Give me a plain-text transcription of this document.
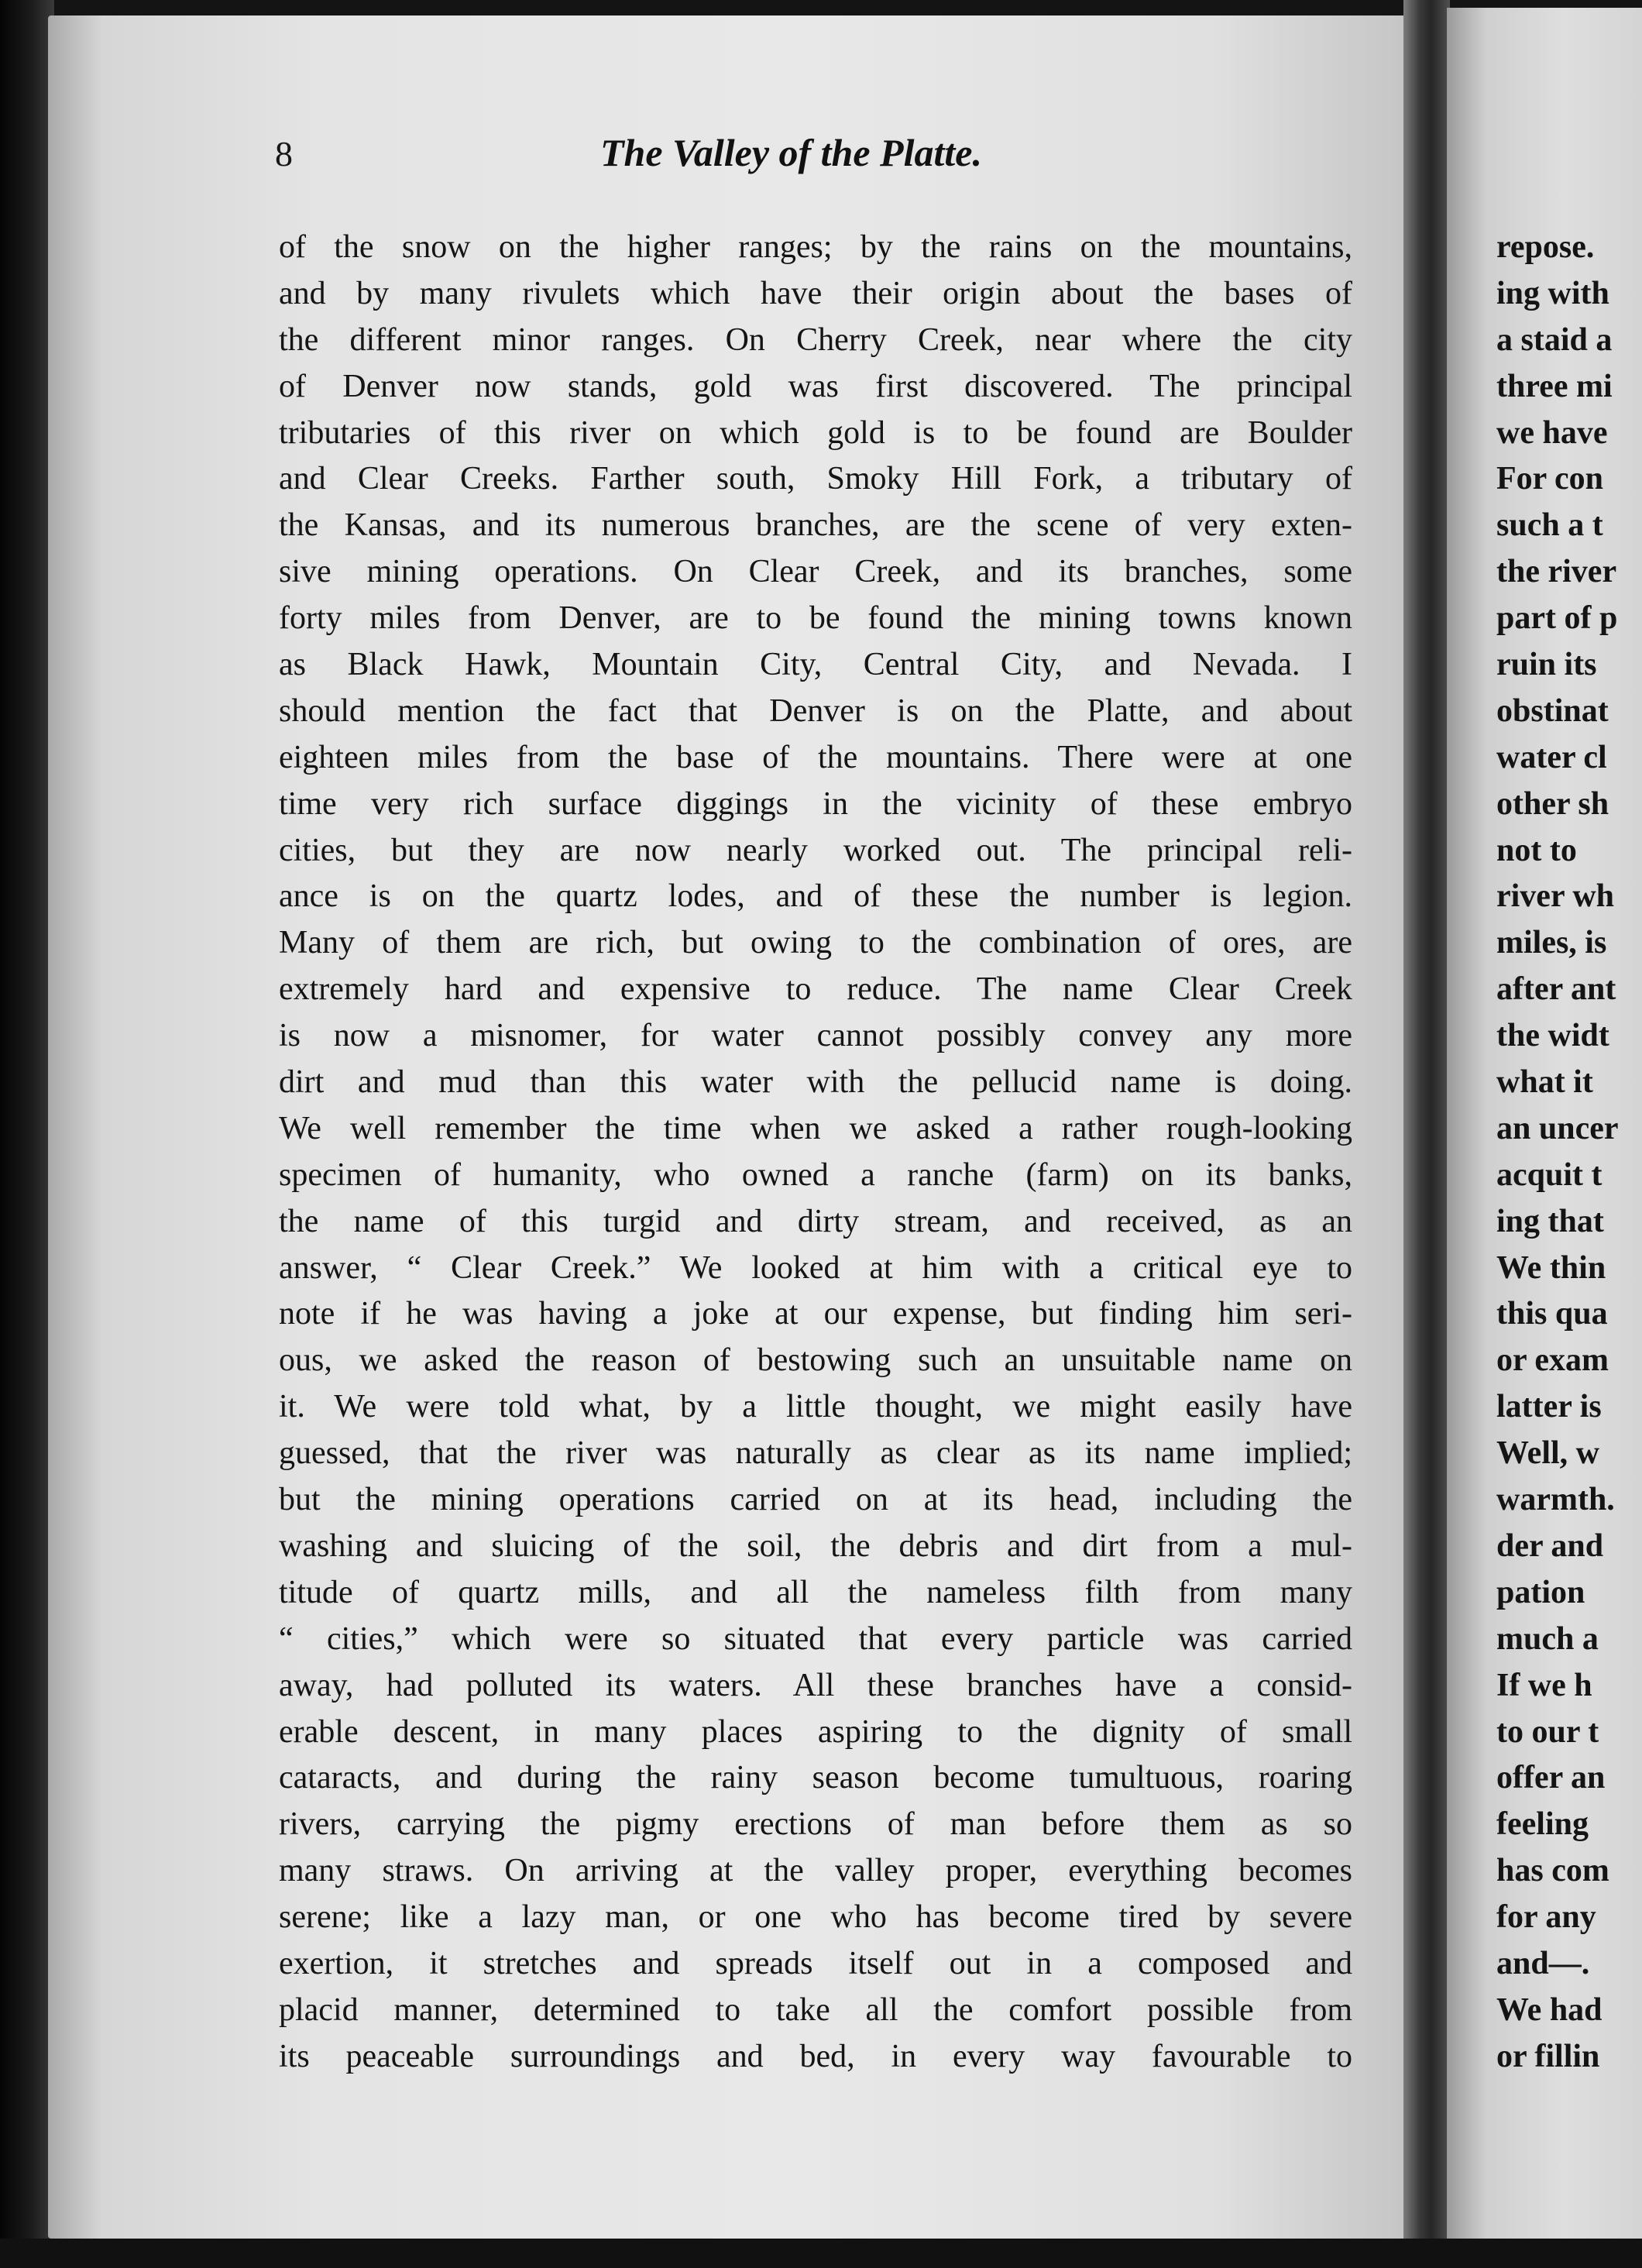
8	The Valley of the Platte.
of the snow on the higher ranges; by the rains on the mountains,
and by many rivulets which have their origin about the bases of
the different minor ranges. On Cherry Creek, near where the city
of Denver now stands, gold was first discovered. The principal
tributaries of this river on which gold is to be found are Boulder
and Clear Creeks. Farther south, Smoky Hill Fork, a tributary of
the Kansas, and its numerous branches, are the scene of very exten-
sive mining operations. On Clear Creek, and its branches, some
forty miles from Denver, are to be found the mining towns known
as Black Hawk, Mountain City, Central City, and Nevada. I
should mention the fact that Denver is on the Platte, and about
eighteen miles from the base of the mountains. There were at one
time very rich surface diggings in the vicinity of these embryo
cities, but they are now nearly worked out. The principal reli-
ance is on the quartz lodes, and of these the number is legion.
Many of them are rich, but owing to the combination of ores, are
extremely hard and expensive to reduce. The name Clear Creek
is now a misnomer, for water cannot possibly convey any more
dirt and mud than this water with the pellucid name is doing.
We well remember the time when we asked a rather rough-looking
specimen of humanity, who owned a ranche (farm) on its banks,
the name of this turgid and dirty stream, and received, as an
answer, “ Clear Creek.” We looked at him with a critical eye to
note if he was having a joke at our expense, but finding him seri-
ous, we asked the reason of bestowing such an unsuitable name on
it. We were told what, by a little thought, we might easily have
guessed, that the river was naturally as clear as its name implied;
but the mining operations carried on at its head, including the
washing and sluicing of the soil, the debris and dirt from a mul-
titude of quartz mills, and all the nameless filth from many
“ cities,” which were so situated that every particle was carried
away, had polluted its waters. All these branches have a consid-
erable descent, in many places aspiring to the dignity of small
cataracts, and during the rainy season become tumultuous, roaring
rivers, carrying the pigmy erections of man before them as so
many straws. On arriving at the valley proper, everything becomes
serene; like a lazy man, or one who has become tired by severe
exertion, it stretches and spreads itself out in a composed and
placid manner, determined to take all the comfort possible from
its peaceable surroundings and bed, in every way favourable to
repose.
ing with
a staid a
three mi
we have
For con
such a t
the river
part of p
ruin its
obstinat
water cl
other sh
not to
river wh
miles, is
after ant
the widt
what it
an uncer
acquit t
ing that
We thin
this qua
or exam
latter is
Well, w
warmth.
der and
pation
much a
If we h
to our t
offer an
feeling
has com
for any
and—.
We had
or fillin
